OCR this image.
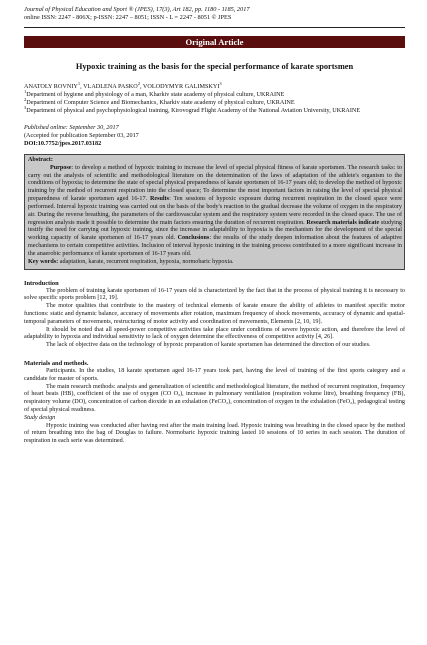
Journal of Physical Education and Sport ® (JPES), 17(3), Art 182, pp. 1180 - 1185, 2017
online ISSN: 2247 - 806X; p-ISSN: 2247 – 8051; ISSN - L = 2247 - 8051 © JPES
Original Article
Hypoxic training as the basis for the special performance of karate sportsmen
ANATOLY ROVNIY$^1$, VLADLENA PASKO$^2$, VOLODYMYR GALIMSKYI$^3$
$^1$Department of hygiene and physiology of a man, Kharkiv state academy of physical culture, UKRAINE
$^2$Department of Computer Science and Biomechanics, Kharkiv state academy of physical culture, UKRAINE
$^3$Department of physical and psychophysiological training, Kirovograd Flight Academy of the National Aviation University, UKRAINE
Published online: September 30, 2017
(Accepted for publication September 03, 2017
DOI:10.7752/jpes.2017.03182
Abstract:

Purpose: to develop a method of hypoxic training to increase the level of special physical fitness of karate sportsmen. The research tasks: to carry out the analysis of scientific and methodological literature on the determination of the laws of adaptation of the athlete's organism to the conditions of hypoxia; to determine the state of special physical preparedness of karate sportsmen of 16-17 years old; to develop the method of hypoxic training by the method of recurrent respiration into the closed space; To determine the most important factors in raising the level of special physical preparedness of karate sportsmen aged 16-17. Results: Ten sessions of hypoxic exposure during recurrent respiration in the closed space were performed. Interval hypoxic training was carried out on the basis of the body's reaction to the gradual decrease the volume of oxygen in the respiratory air. During the reverse breathing, the parameters of the cardiovascular system and the respiratory system were recorded in the closed space. The use of regression analysis made it possible to determine the main factors ensuring the duration of recurrent respiration. Research materials indicate studying testify the need for carrying out hypoxic training, since the increase in adaptability to hypoxia is the mechanism for the development of the special working capacity of karate sportsmen of 16-17 years old. Conclusions: the results of the study deepen information about the features of adaptive mechanisms to certain competitive activities. Inclusion of interval hypoxic training in the training process contributed to a more significant increase in the anaerobic performance of karate sportsmen of 16-17 years old.

Key words: adaptation, karate, recurrent respiration, hypoxia, normobaric hypoxia.
Introduction

The problem of training karate sportsmen of 16-17 years old is characterized by the fact that in the process of physical training it is necessary to solve specific sports problem [12, 19].

The motor qualities that contribute to the mastery of technical elements of karate ensure the ability of athletes to manifest specific motor functions: static and dynamic balance, accuracy of movements after rotation, maximum frequency of shock movements, accuracy of dynamic and spatial-temporal parameters of movements, restructuring of motor activity and coordination of movements, Elements [2, 10, 19].

It should be noted that all speed-power competitive activities take place under conditions of severe hypoxic action, and therefore the level of adaptability to hypoxia and individual sensitivity to lack of oxygen determine the effectiveness of competitive activity [4, 26].

The lack of objective data on the technology of hypoxic preparation of karate sportsmen has determined the direction of our studies.

Materials and methods.

Participants. In the studies, 18 karate sportsmen aged 16-17 years took part, having the level of training of the first sports category and a candidate for master of sports.

The main research methods: analysis and generalization of scientific and methodological literature, the method of recurrent respiration, frequency of heart beats (HB), coefficient of the use of oxygen (CO O₂), increase in pulmonary ventilation (respiration volume litre), breathing frequency (FB), respiratory volume (DO), concentration of carbon dioxide in an exhalation (FeCO₂), concentration of oxygen in the exhalation (FeO₂), pedagogical testing of special physical readiness.

Study design

Hypoxic training was conducted after having rest after the main training load. Hypoxic training was breathing in the closed space by the method of return breathing into the bag of Douglas to failure. Normobaric hypoxic training lasted 10 sessions of 10 series in each session. The duration of respiration in each serie was determined.
